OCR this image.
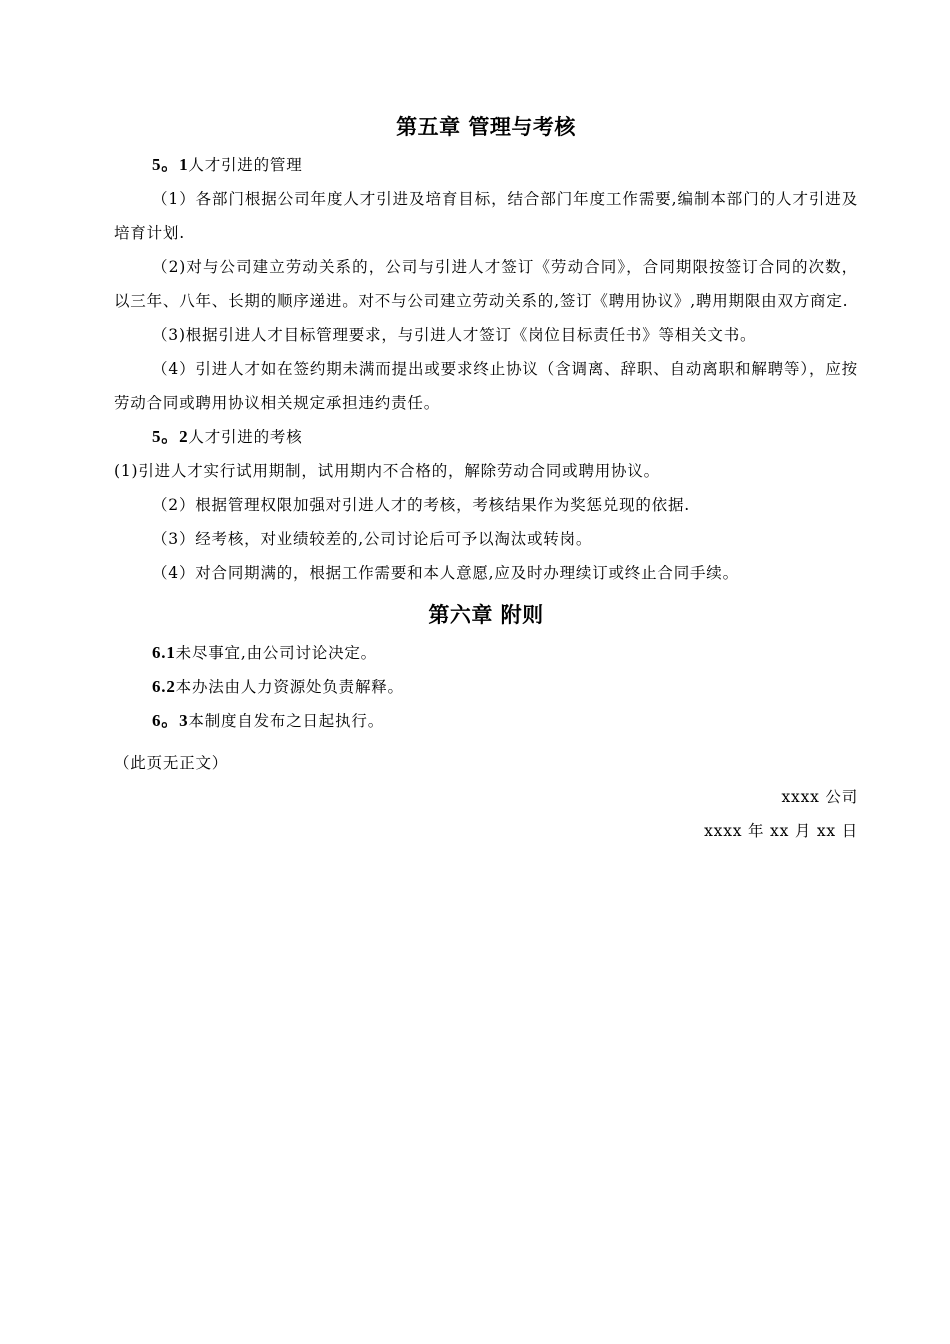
第五章 管理与考核

5。1人才引进的管理

（1）各部门根据公司年度人才引进及培育目标，结合部门年度工作需要,编制本部门的人才引进及培育计划.

（2)对与公司建立劳动关系的，公司与引进人才签订《劳动合同》，合同期限按签订合同的次数，以三年、八年、长期的顺序递进。对不与公司建立劳动关系的,签订《聘用协议》,聘用期限由双方商定.

（3)根据引进人才目标管理要求，与引进人才签订《岗位目标责任书》等相关文书。

（4）引进人才如在签约期未满而提出或要求终止协议（含调离、辞职、自动离职和解聘等），应按劳动合同或聘用协议相关规定承担违约责任。

5。2人才引进的考核

(1)引进人才实行试用期制，试用期内不合格的，解除劳动合同或聘用协议。

（2）根据管理权限加强对引进人才的考核，考核结果作为奖惩兑现的依据.

（3）经考核，对业绩较差的,公司讨论后可予以淘汰或转岗。

（4）对合同期满的，根据工作需要和本人意愿,应及时办理续订或终止合同手续。

第六章 附则

6.1未尽事宜,由公司讨论决定。

6.2本办法由人力资源处负责解释。

6。3本制度自发布之日起执行。

（此页无正文）

xxxx 公司

xxxx 年 xx 月 xx 日
